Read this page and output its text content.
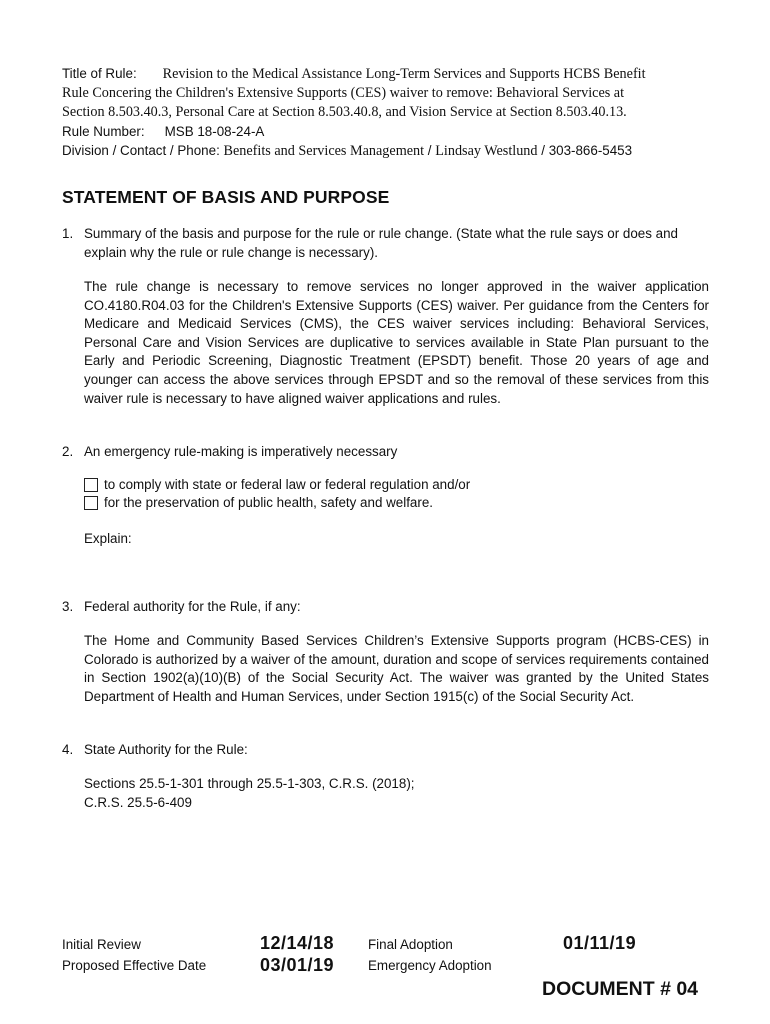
Title of Rule: Revision to the Medical Assistance Long-Term Services and Supports HCBS Benefit
Rule Concering the Children's Extensive Supports (CES) waiver to remove: Behavioral Services at
Section 8.503.40.3, Personal Care at Section 8.503.40.8, and Vision Service at Section 8.503.40.13.
Rule Number: MSB 18-08-24-A
Division / Contact / Phone: Benefits and Services Management / Lindsay Westlund / 303-866-5453
STATEMENT OF BASIS AND PURPOSE
1. Summary of the basis and purpose for the rule or rule change. (State what the rule says or does and explain why the rule or rule change is necessary).
The rule change is necessary to remove services no longer approved in the waiver application CO.4180.R04.03 for the Children's Extensive Supports (CES) waiver. Per guidance from the Centers for Medicare and Medicaid Services (CMS), the CES waiver services including: Behavioral Services, Personal Care and Vision Services are duplicative to services available in State Plan pursuant to the Early and Periodic Screening, Diagnostic Treatment (EPSDT) benefit. Those 20 years of age and younger can access the above services through EPSDT and so the removal of these services from this waiver rule is necessary to have aligned waiver applications and rules.
2. An emergency rule-making is imperatively necessary
to comply with state or federal law or federal regulation and/or
for the preservation of public health, safety and welfare.
Explain:
3. Federal authority for the Rule, if any:
The Home and Community Based Services Children’s Extensive Supports program (HCBS-CES) in Colorado is authorized by a waiver of the amount, duration and scope of services requirements contained in Section 1902(a)(10)(B) of the Social Security Act. The waiver was granted by the United States Department of Health and Human Services, under Section 1915(c) of the Social Security Act.
4. State Authority for the Rule:
Sections 25.5-1-301 through 25.5-1-303, C.R.S. (2018);
C.R.S. 25.5-6-409
Initial Review	12/14/18	Final Adoption	01/11/19
Proposed Effective Date	03/01/19	Emergency Adoption
DOCUMENT # 04
